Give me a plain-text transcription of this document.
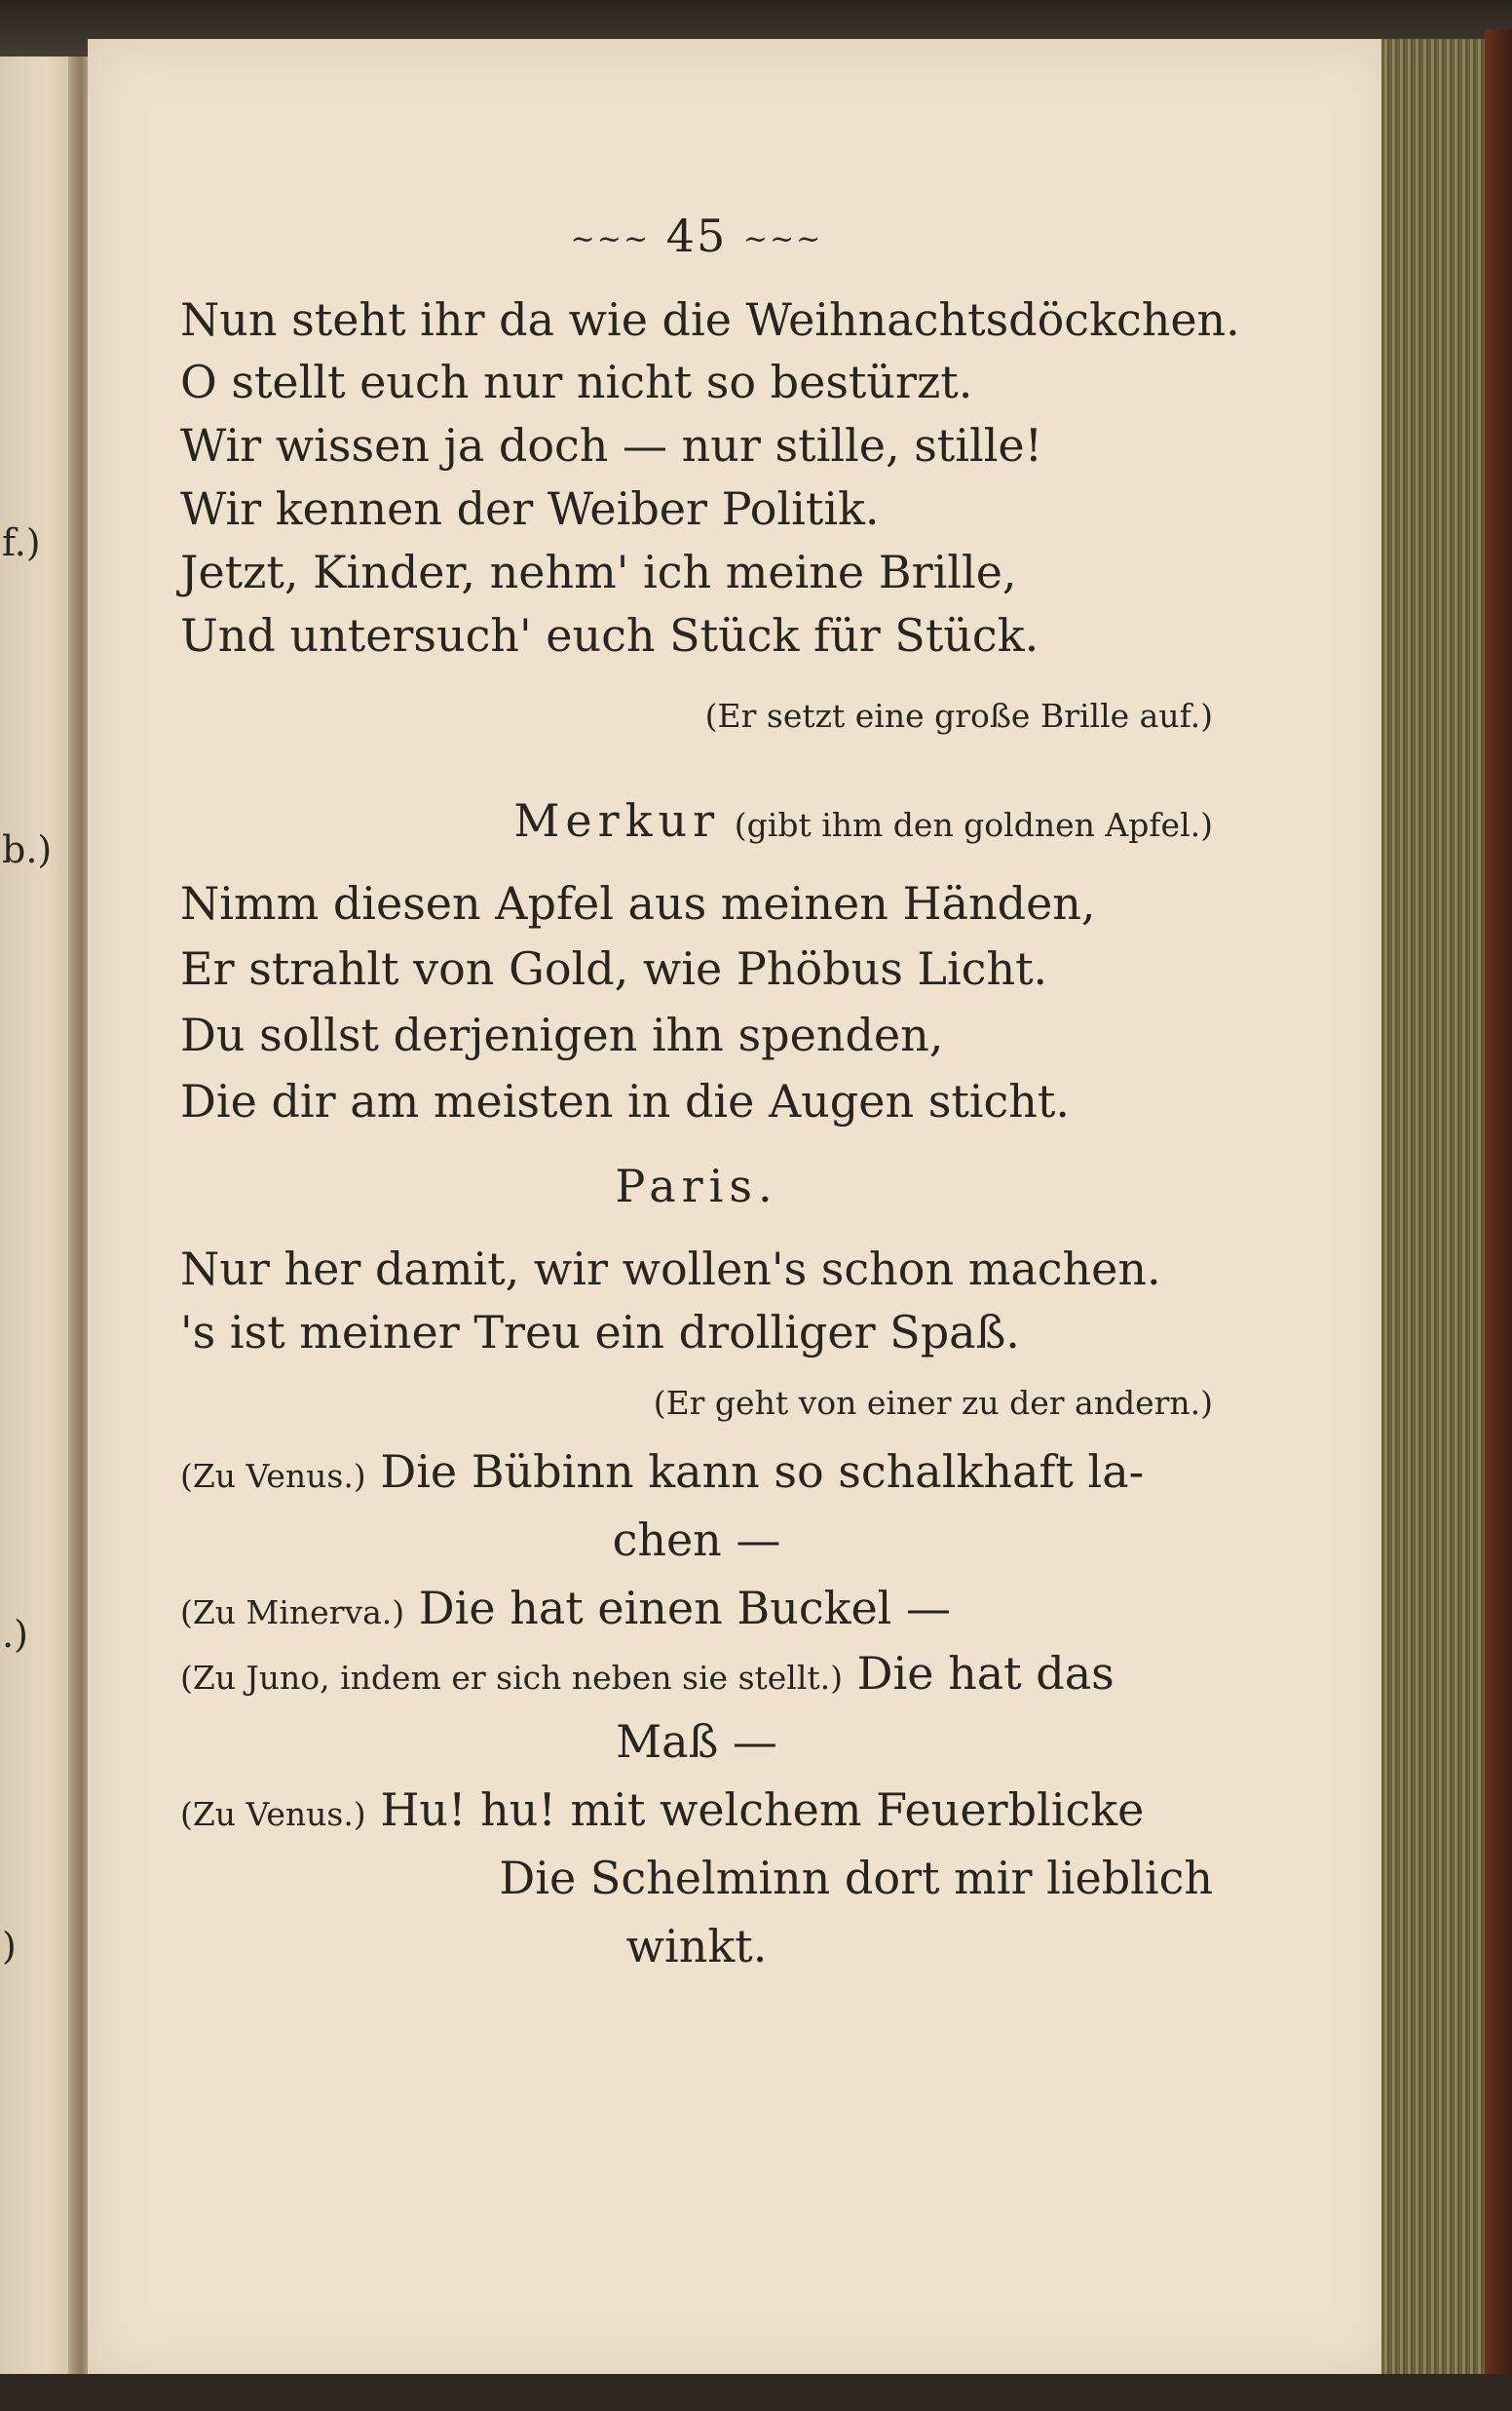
f.)
b.)
.)
)
~~~ 45 ~~~
Nun steht ihr da wie die Weihnachtsdöckchen.
O stellt euch nur nicht so bestürzt.
Wir wissen ja doch — nur stille, stille!
Wir kennen der Weiber Politik.
Jetzt, Kinder, nehm' ich meine Brille,
Und untersuch' euch Stück für Stück.
(Er setzt eine große Brille auf.)
Merkur (gibt ihm den goldnen Apfel.)
Nimm diesen Apfel aus meinen Händen,
Er strahlt von Gold, wie Phöbus Licht.
Du sollst derjenigen ihn spenden,
Die dir am meisten in die Augen sticht.
Paris.
Nur her damit, wir wollen's schon machen.
's ist meiner Treu ein drolliger Spaß.
(Er geht von einer zu der andern.)
(Zu Venus.) Die Bübinn kann so schalkhaft la-
chen —
(Zu Minerva.) Die hat einen Buckel —
(Zu Juno, indem er sich neben sie stellt.) Die hat das
Maß —
(Zu Venus.) Hu! hu! mit welchem Feuerblicke
Die Schelminn dort mir lieblich
winkt.
